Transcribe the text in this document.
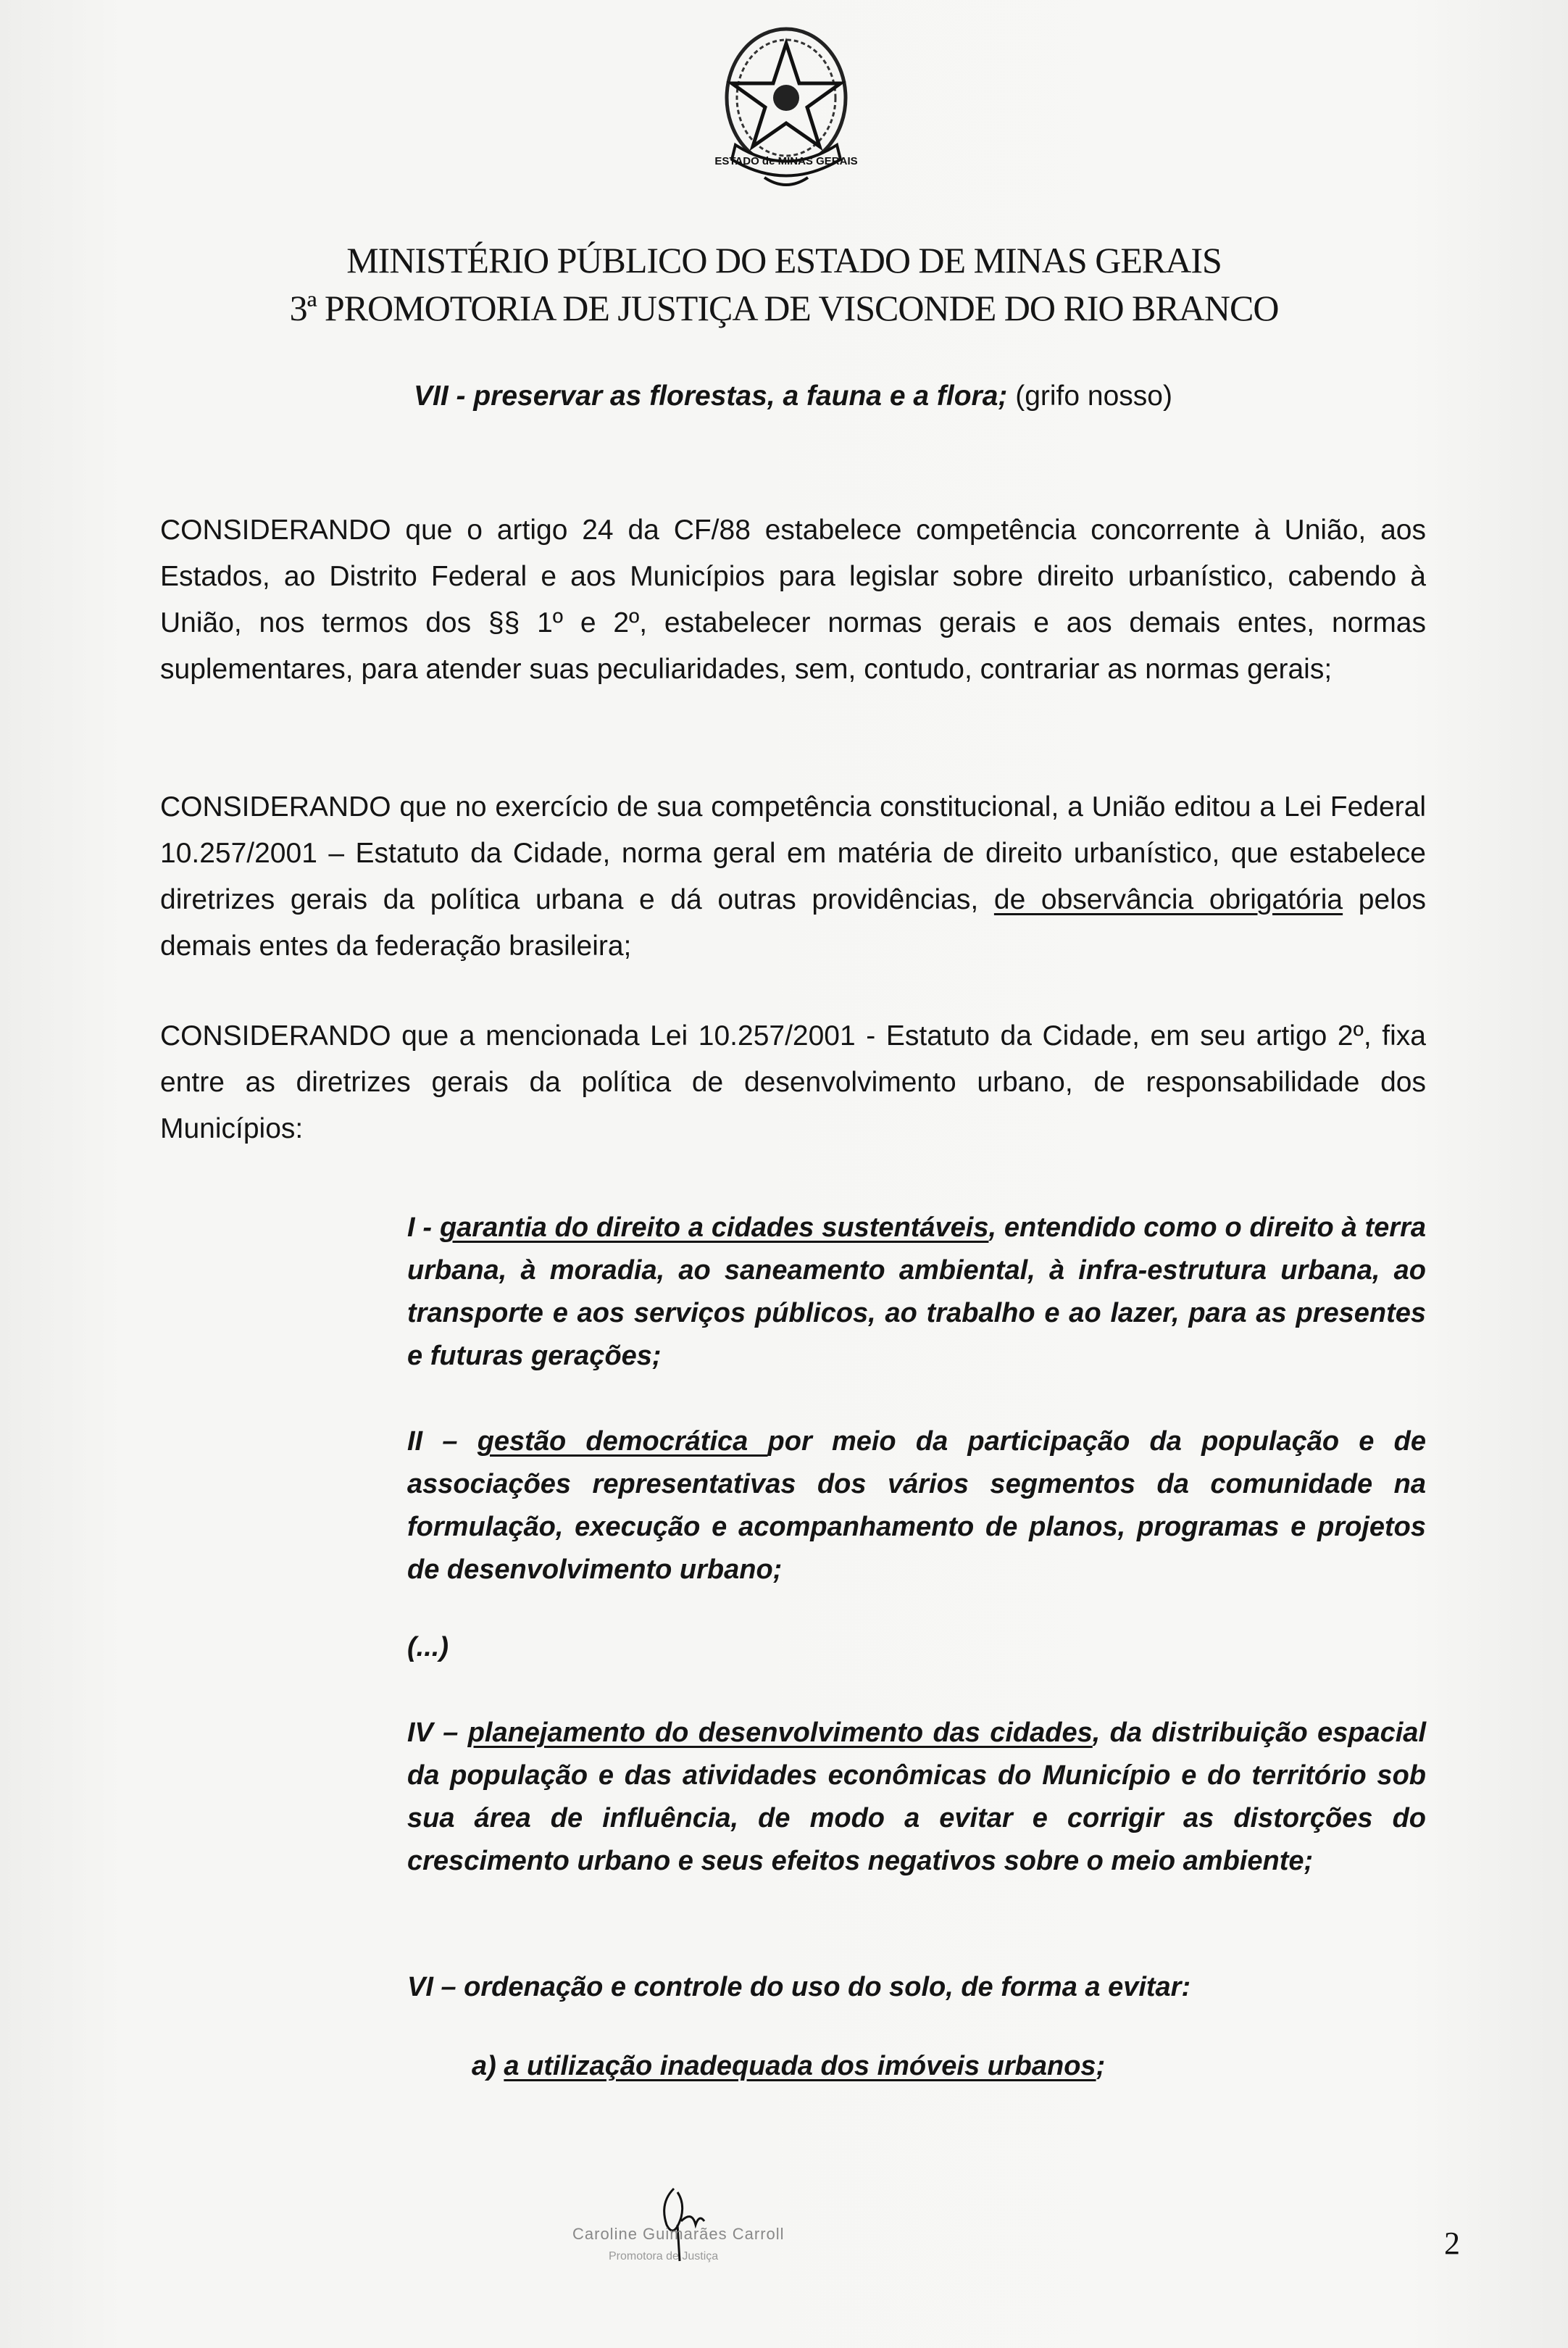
ESTADO de MINAS GERAIS
MINISTÉRIO PÚBLICO DO ESTADO DE MINAS GERAIS
3ª PROMOTORIA DE JUSTIÇA DE VISCONDE DO RIO BRANCO
VII - preservar as florestas, a fauna e a flora; (grifo nosso)
CONSIDERANDO que o artigo 24 da CF/88 estabelece competência concorrente à União, aos Estados, ao Distrito Federal e aos Municípios para legislar sobre direito urbanístico, cabendo à União, nos termos dos §§ 1º e 2º, estabelecer normas gerais e aos demais entes, normas suplementares, para atender suas peculiaridades, sem, contudo, contrariar as normas gerais;
CONSIDERANDO que no exercício de sua competência constitucional, a União editou a Lei Federal 10.257/2001 – Estatuto da Cidade, norma geral em matéria de direito urbanístico, que estabelece diretrizes gerais da política urbana e dá outras providências, de observância obrigatória pelos demais entes da federação brasileira;
CONSIDERANDO que a mencionada Lei 10.257/2001 - Estatuto da Cidade, em seu artigo 2º, fixa entre as diretrizes gerais da política de desenvolvimento urbano, de responsabilidade dos Municípios:
I - garantia do direito a cidades sustentáveis, entendido como o direito à terra urbana, à moradia, ao saneamento ambiental, à infra-estrutura urbana, ao transporte e aos serviços públicos, ao trabalho e ao lazer, para as presentes e futuras gerações;
II – gestão democrática por meio da participação da população e de associações representativas dos vários segmentos da comunidade na formulação, execução e acompanhamento de planos, programas e projetos de desenvolvimento urbano;
(...)
IV – planejamento do desenvolvimento das cidades, da distribuição espacial da população e das atividades econômicas do Município e do território sob sua área de influência, de modo a evitar e corrigir as distorções do crescimento urbano e seus efeitos negativos sobre o meio ambiente;
VI – ordenação e controle do uso do solo, de forma a evitar:
a) a utilização inadequada dos imóveis urbanos;
Caroline Guimarães Carroll
Promotora de Justiça	2
